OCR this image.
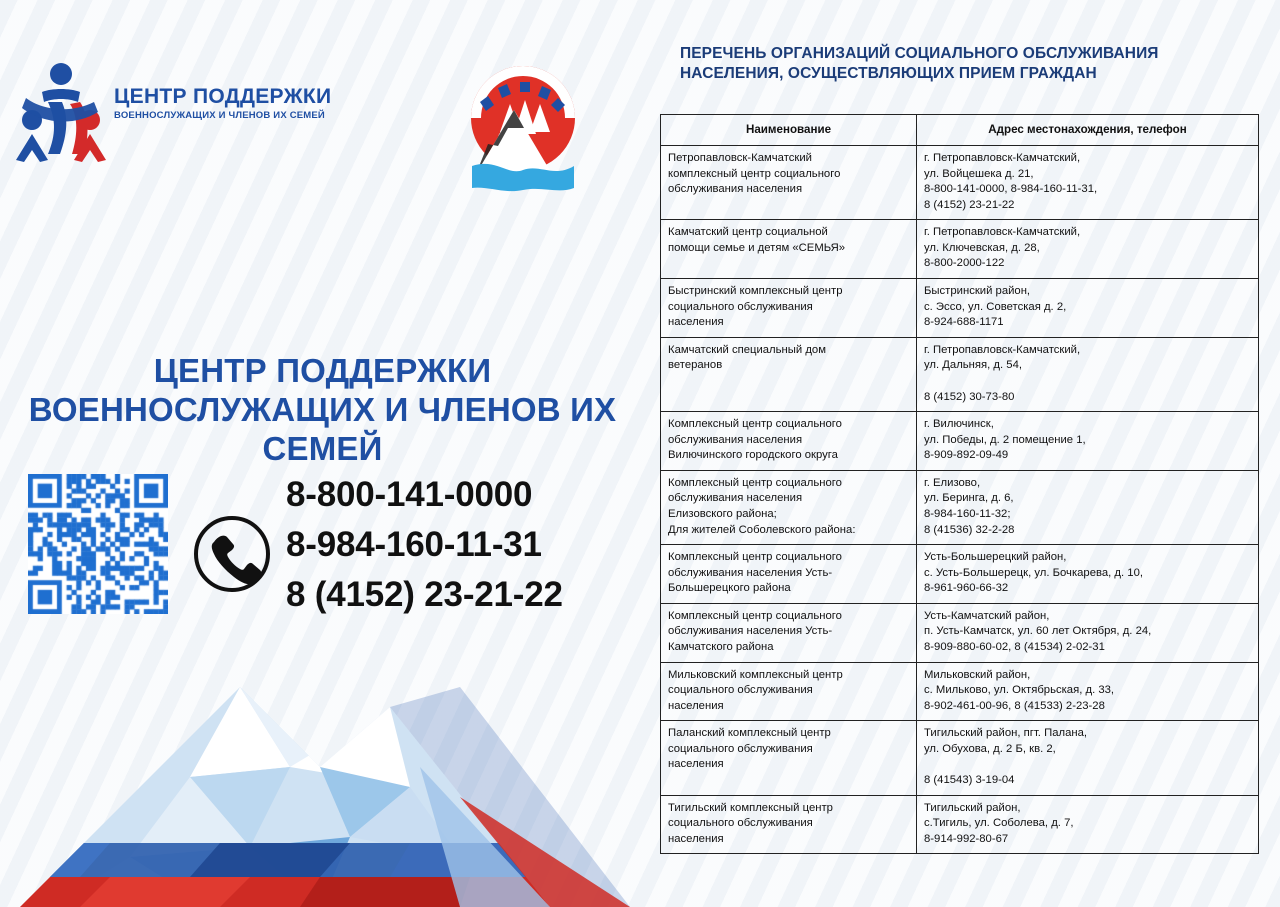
ЦЕНТР ПОДДЕРЖКИ
ВОЕННОСЛУЖАЩИХ И ЧЛЕНОВ ИХ СЕМЕЙ
ЦЕНТР ПОДДЕРЖКИ
ВОЕННОСЛУЖАЩИХ И ЧЛЕНОВ ИХ СЕМЕЙ
8-800-141-0000
8-984-160-11-31
8 (4152) 23-21-22
ПЕРЕЧЕНЬ ОРГАНИЗАЦИЙ СОЦИАЛЬНОГО ОБСЛУЖИВАНИЯ НАСЕЛЕНИЯ, ОСУЩЕСТВЛЯЮЩИХ ПРИЕМ ГРАЖДАН
Наименование	Адрес местонахождения, телефон

Петропавловск-Камчатский
комплексный центр социального
обслуживания населения	г. Петропавловск-Камчатский,
ул. Войцешека д. 21,
8-800-141-0000, 8-984-160-11-31,
8 (4152) 23-21-22

Камчатский центр социальной
помощи семье и детям «СЕМЬЯ»	г. Петропавловск-Камчатский,
ул. Ключевская, д. 28,
8-800-2000-122

Быстринский комплексный центр
социального обслуживания
населения	Быстринский район,
с. Эссо, ул. Советская д. 2,
8-924-688-1171

Камчатский специальный дом
ветеранов	г. Петропавловск-Камчатский,
ул. Дальняя, д. 54,

8 (4152) 30-73-80

Комплексный центр социального
обслуживания населения
Вилючинского городского округа	г. Вилючинск,
ул. Победы, д. 2 помещение 1,
8-909-892-09-49

Комплексный центр социального
обслуживания населения
Елизовского района;
Для жителей Соболевского района:	г. Елизово,
ул. Беринга, д. 6,
8-984-160-11-32;
8 (41536) 32-2-28

Комплексный центр социального
обслуживания населения Усть-
Большерецкого района	Усть-Большерецкий район,
с. Усть-Большерецк, ул. Бочкарева, д. 10,
8-961-960-66-32

Комплексный центр социального
обслуживания населения Усть-
Камчатского района	Усть-Камчатский район,
п. Усть-Камчатск, ул. 60 лет Октября, д. 24,
8-909-880-60-02, 8 (41534) 2-02-31

Мильковский комплексный центр
социального обслуживания
населения	Мильковский район,
с. Мильково, ул. Октябрьская, д. 33,
8-902-461-00-96, 8 (41533) 2-23-28

Паланский комплексный центр
социального обслуживания
населения	Тигильский район, пгт. Палана,
ул. Обухова, д. 2 Б, кв. 2,

8 (41543) 3-19-04

Тигильский комплексный центр
социального обслуживания
населения	Тигильский район,
с.Тигиль, ул. Соболева, д. 7,
8-914-992-80-67
